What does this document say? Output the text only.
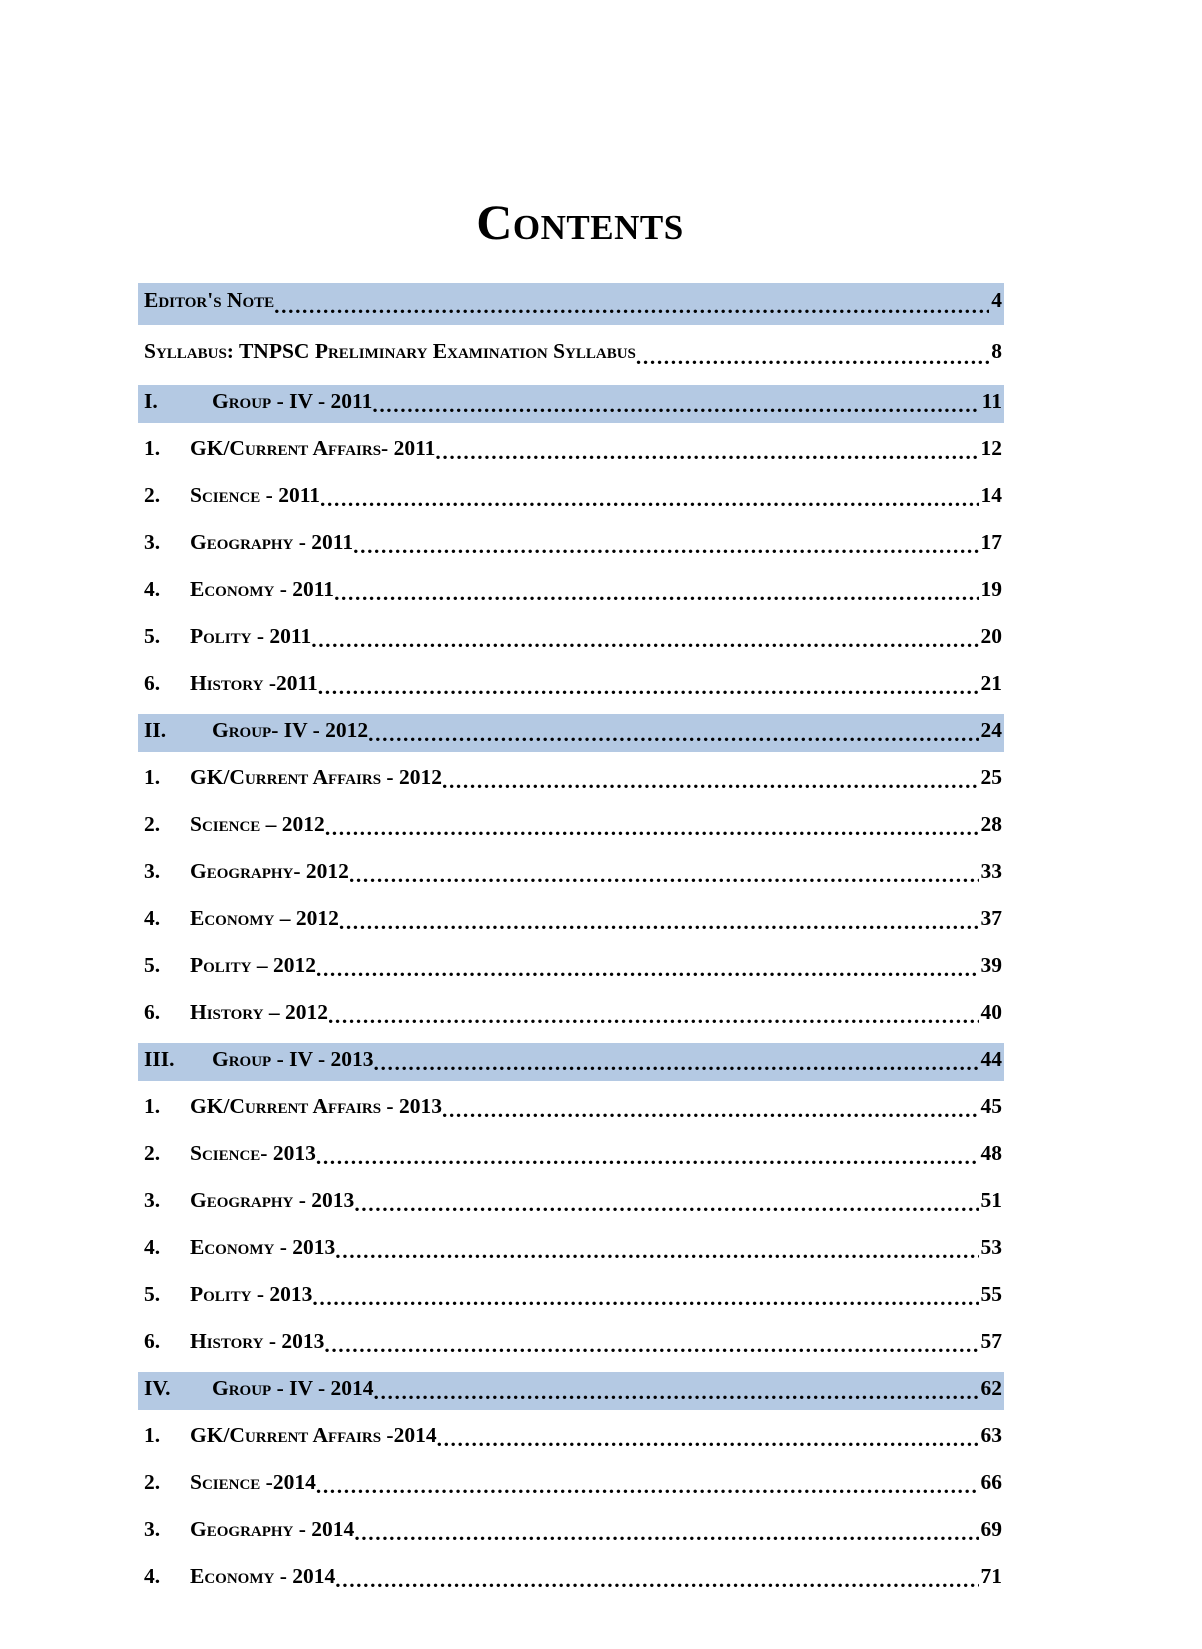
Contents
Editor's Note .....	4
Syllabus: TNPSC Preliminary Examination Syllabus .....	8
I.	Group - IV - 2011 .....	11
1.	GK/Current Affairs- 2011 .....	12
2.	Science - 2011 .....	14
3.	Geography - 2011 .....	17
4.	Economy - 2011 .....	19
5.	Polity - 2011 .....	20
6.	History -2011 .....	21
II.	Group- IV - 2012 .....	24
1.	GK/Current Affairs - 2012 .....	25
2.	Science – 2012 .....	28
3.	Geography- 2012 .....	33
4.	Economy – 2012 .....	37
5.	Polity – 2012 .....	39
6.	History – 2012 .....	40
III.	Group - IV - 2013 .....	44
1.	GK/Current Affairs - 2013 .....	45
2.	Science- 2013 .....	48
3.	Geography - 2013 .....	51
4.	Economy - 2013 .....	53
5.	Polity - 2013 .....	55
6.	History - 2013 .....	57
IV.	Group - IV - 2014 .....	62
1.	GK/Current Affairs -2014 .....	63
2.	Science -2014 .....	66
3.	Geography - 2014 .....	69
4.	Economy - 2014 .....	71
